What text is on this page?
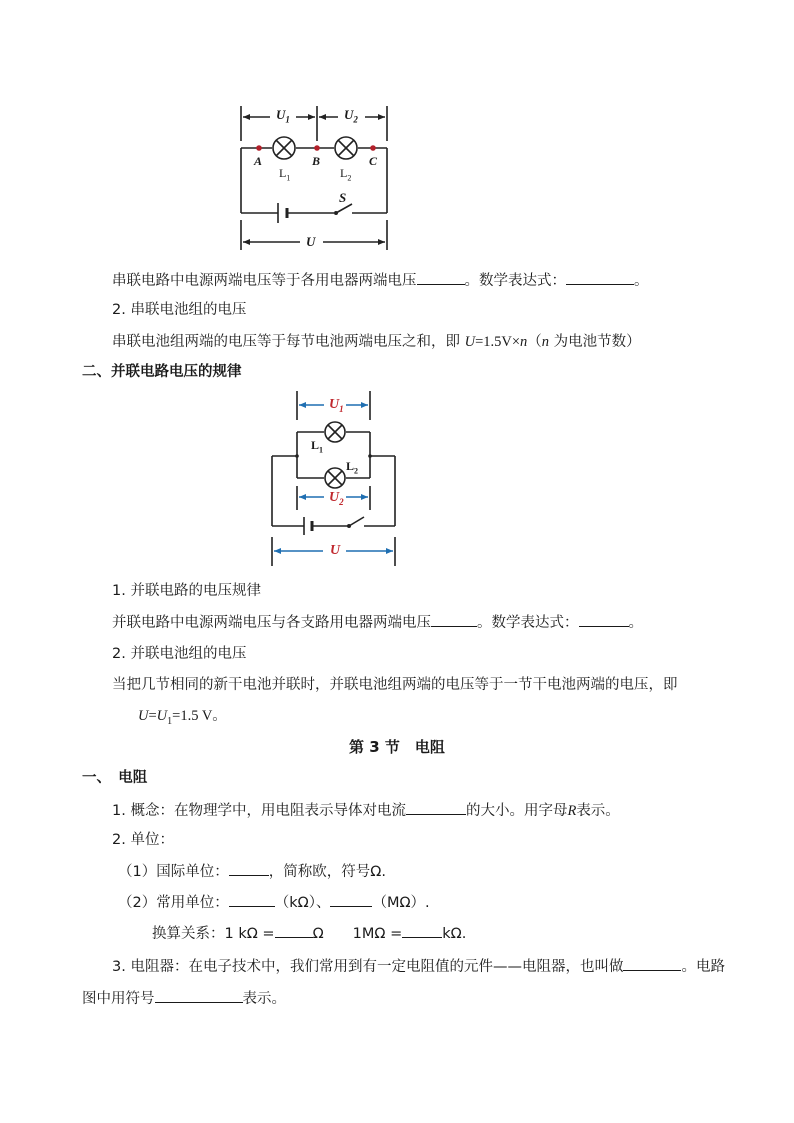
$U_1$	$U_2$
A	B	C
$L_1$	$L_2$
S
U
串联电路中电源两端电压等于各用电器两端电压	。数学表达式：	。
2. 串联电池组的电压
串联电池组两端的电压等于每节电池两端电压之和，即 U=1.5V×n（n 为电池节数）
二、并联电路电压的规律
$U_1$
$L_1$
$L_2$
$U_2$
U
1. 并联电路的电压规律
并联电路中电源两端电压与各支路用电器两端电压	。数学表达式：	。
2. 并联电池组的电压
当把几节相同的新干电池并联时，并联电池组两端的电压等于一节干电池两端的电压，即
$U=U_1=1.5$ V。
第 3 节　电阻
一、　电阻
1. 概念：在物理学中，用电阻表示导体对电流	的大小。用字母R表示。
2. 单位：
（1）国际单位：	，简称欧，符号Ω.
（2）常用单位：	（kΩ）、	（MΩ）.
换算关系：1 kΩ =	Ω　　1MΩ =	kΩ.
3. 电阻器：在电子技术中，我们常用到有一定电阻值的元件——电阻器，也叫做	。电路
图中用符号	表示。
